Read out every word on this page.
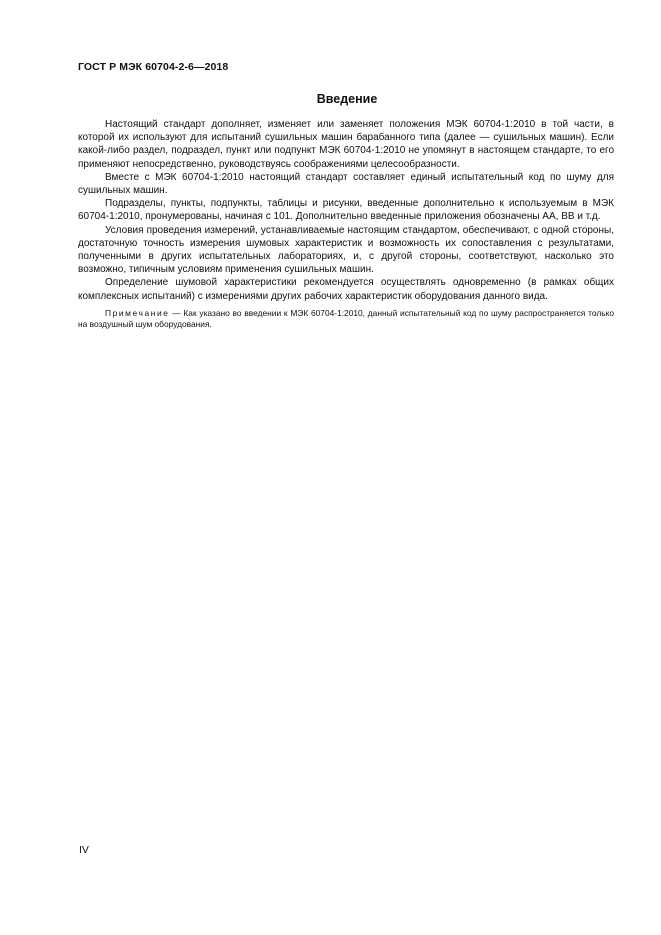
ГОСТ Р МЭК 60704-2-6—2018
Введение

Настоящий стандарт дополняет, изменяет или заменяет положения МЭК 60704-1:2010 в той части, в которой их используют для испытаний сушильных машин барабанного типа (далее — сушильных машин). Если какой-либо раздел, подраздел, пункт или подпункт МЭК 60704-1:2010 не упомянут в настоящем стандарте, то его применяют непосредственно, руководствуясь соображениями целесообразности.

Вместе с МЭК 60704-1:2010 настоящий стандарт составляет единый испытательный код по шуму для сушильных машин.

Подразделы, пункты, подпункты, таблицы и рисунки, введенные дополнительно к используемым в МЭК 60704-1:2010, пронумерованы, начиная с 101. Дополнительно введенные приложения обозначены АА, ВВ и т.д.

Условия проведения измерений, устанавливаемые настоящим стандартом, обеспечивают, с одной стороны, достаточную точность измерения шумовых характеристик и возможность их сопоставления с результатами, полученными в других испытательных лабораториях, и, с другой стороны, соответствуют, насколько это возможно, типичным условиям применения сушильных машин.

Определение шумовой характеристики рекомендуется осуществлять одновременно (в рамках общих комплексных испытаний) с измерениями других рабочих характеристик оборудования данного вида.

Примечание — Как указано во введении к МЭК 60704-1:2010, данный испытательный код по шуму распространяется только на воздушный шум оборудования.

IV
